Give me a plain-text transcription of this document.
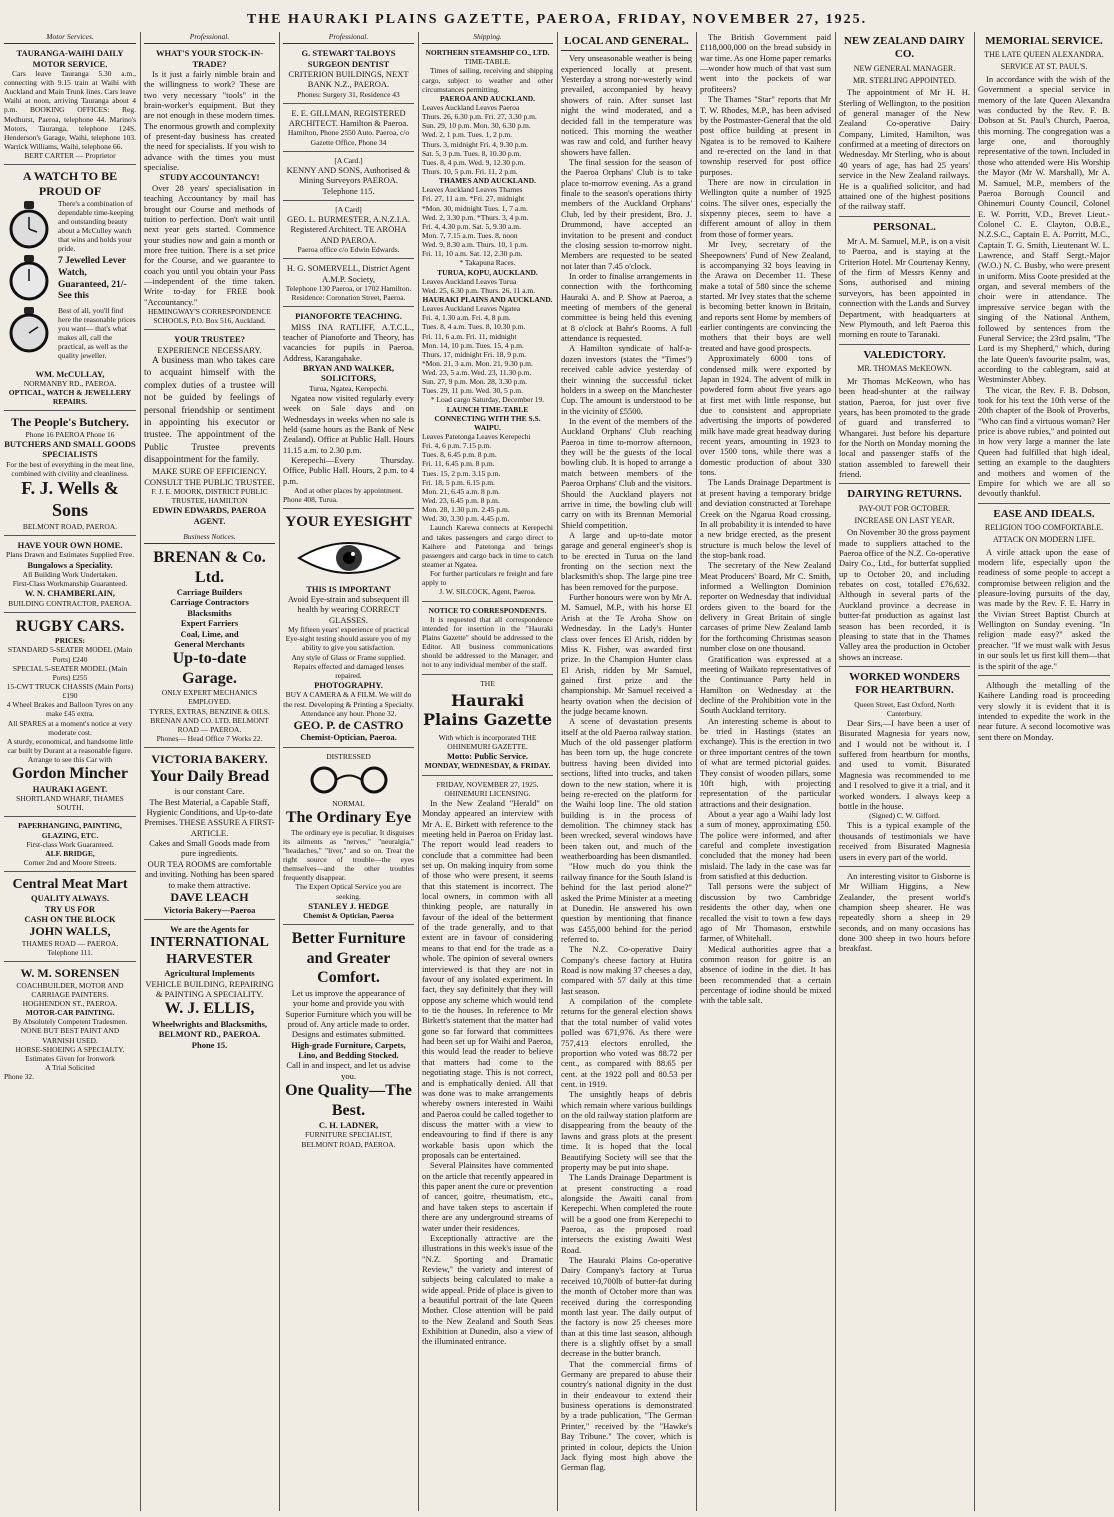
THE HAURAKI PLAINS GAZETTE, PAEROA, FRIDAY, NOVEMBER 27, 1925.
Motor Services.
TAURANGA-WAIHI DAILY MOTOR SERVICE.
Cars leave Tauranga 5.30 a.m., connecting with 9.15 train at Waihi with Auckland and Main Trunk lines. Cars leave Waihi at noon, arriving Tauranga about 4 p.m. BOOKING OFFICES: Reg. Medhurst, Paeroa, telephone 44. Marino's Motors, Tauranga, telephone 124S. Henderson's Garage, Waihi, telephone 103. Warrick Williams, Waihi, telephone 66.
BERT CARTER — Proprietor
A WATCH TO BE PROUD OF
There's a combination of dependable time-keeping and outstanding beauty about a McCulley watch that wins and holds your pride.
7 Jewelled Lever Watch, Guaranteed, 21/- See this
Best of all, you'll find here the reasonable prices you want— that's what makes all, call the practical, as well as the quality jeweller.
WM. McCULLAY,
NORMANBY RD., PAEROA.
OPTICAL, WATCH & JEWELLERY REPAIRS.
The People's Butchery.
Phone 16 PAEROA Phone 16
BUTCHERS AND SMALL GOODS SPECIALISTS
For the best of everything in the meat line, combined with civility and cleanliness.
F. J. Wells & Sons
BELMONT ROAD, PAEROA.
HAVE YOUR OWN HOME.
Plans Drawn and Estimates Supplied Free.
Bungalows a Speciality.
All Building Work Undertaken.
First-Class Workmanship Guaranteed.
W. N. CHAMBERLAIN,
BUILDING CONTRACTOR, PAEROA.
RUGBY CARS.
PRICES:
STANDARD 5-SEATER MODEL (Main Ports) £240
SPECIAL 5-SEATER MODEL (Main Ports) £255
15-CWT TRUCK CHASSIS (Main Ports) £190
4 Wheel Brakes and Balloon Tyres on any make £45 extra.
All SPARES at a moment's notice at very moderate cost.
A sturdy, economical, and handsome little car built by Durant at a reasonable figure.
Arrange to see this Car with
Gordon Mincher
HAURAKI AGENT.
SHORTLAND WHARF, THAMES SOUTH.
PAPERHANGING, PAINTING, GLAZING, ETC.
First-class Work Guaranteed.
ALF. BRIDGE,
Corner 2nd and Moore Streets.
Central Meat Mart
QUALITY ALWAYS.
TRY US FOR
CASH ON THE BLOCK
JOHN WALLS,
THAMES ROAD — PAEROA.
Telephone 111.
W. M. SORENSEN
COACHBUILDER, MOTOR AND CARRIAGE PAINTERS.
HOGHENDON ST., PAEROA.
MOTOR-CAR PAINTING.
By Absolutely Competent Tradesmen.
NONE BUT BEST PAINT AND VARNISH USED.
HORSE-SHOEING A SPECIALTY.
Estimates Given for Ironwork
A Trial Solicited
Phone 32.
Professional.
WHAT'S YOUR STOCK-IN-TRADE?
Is it just a fairly nimble brain and the willingness to work? These are two very necessary "tools" in the brain-worker's equipment. But they are not enough in these modern times. The enormous growth and complexity of present-day business has created the need for specialists. If you wish to advance with the times you must specialise.
STUDY ACCOUNTANCY!
Over 28 years' specialisation in teaching Accountancy by mail has brought our Course and methods of tuition to perfection. Don't wait until next year gets started. Commence your studies now and gain a month or more free tuition. There is a set price for the Course, and we guarantee to coach you until you obtain your Pass—independent of the time taken. Write to-day for FREE book "Accountancy."
HEMINGWAY'S CORRESPONDENCE SCHOOLS, P.O. Box 516, Auckland.
YOUR TRUSTEE?
EXPERIENCE NECESSARY.
A business man who takes care to acquaint himself with the complex duties of a trustee will not be guided by feelings of personal friendship or sentiment in appointing his executor or trustee. The appointment of the Public Trustee prevents disappointment for the family.
MAKE SURE OF EFFICIENCY.
CONSULT THE PUBLIC TRUSTEE.
F. J. E. MOORK, DISTRICT PUBLIC TRUSTEE, HAMILTON
EDWIN EDWARDS, PAEROA AGENT.
Business Notices.
BRENAN & Co. Ltd.
Carriage Builders
Carriage Contractors
Blacksmiths
Expert Farriers
Coal, Lime, and
General Merchants
Up-to-date Garage.
ONLY EXPERT MECHANICS EMPLOYED.
TYRES, EXTRAS, BENZINE & OILS.
BRENAN AND CO. LTD. BELMONT ROAD — PAEROA.
Phones— Head Office 7 Works 22.
VICTORIA BAKERY.
Your Daily Bread
is our constant Care.
The Best Material, a Capable Staff, Hygienic Conditions, and Up-to-date Premises. THESE ASSURE A FIRST-ARTICLE.
Cakes and Small Goods made from pure ingredients.
OUR TEA ROOMS are comfortable and inviting. Nothing has been spared to make them attractive.
DAVE LEACH
Victoria Bakery—Paeroa
We are the Agents for
INTERNATIONAL HARVESTER
Agricultural Implements
VEHICLE BUILDING, REPAIRING & PAINTING A SPECIALITY.
W. J. ELLIS,
Wheelwrights and Blacksmiths,
BELMONT RD., PAEROA.
Phone 15.
Professional.
G. STEWART TALBOYS SURGEON DENTIST
CRITERION BUILDINGS, NEXT BANK N.Z., PAEROA.
Phones: Surgery 31, Residence 43
E. E. GILLMAN, REGISTERED ARCHITECT. Hamilton & Paeroa.
Hamilton, Phone 2550 Auto. Paeroa, c/o Gazette Office, Phone 34
[A Card.]
KENNY AND SONS, Authorised & Mining Surveyors PAEROA. Telephone 115.
[A Card]
GEO. L. BURMESTER, A.N.Z.I.A. Registered Architect. TE AROHA AND PAEROA.
Paeroa office c/o Edwin Edwards.
H. G. SOMERVELL, District Agent A.M.P. Society,
Telephone 130 Paeroa, or 1702 Hamilton.
Residence: Coronation Street, Paeroa.
PIANOFORTE TEACHING.
MISS INA RATLIFF, A.T.C.L., teacher of Pianoforte and Theory, has vacancies for pupils in Paeroa. Address, Karangahake.
BRYAN AND WALKER, SOLICITORS,
Turua, Ngatea, Kerepechi.
Ngatea now visited regularly every week on Sale days and on Wednesdays in weeks when no sale is held (same hours as the Bank of New Zealand). Office at Public Hall. Hours 11.15 a.m. to 2.30 p.m.
Kerepechi—Every Thursday. Office, Public Hall. Hours, 2 p.m. to 4 p.m.
And at other places by appointment.
Phone 408, Turua.
YOUR EYESIGHT
THIS IS IMPORTANT
Avoid Eye-strain and subsequent ill health by wearing CORRECT GLASSES.
My fifteen years' experience of practical Eye-sight testing should assure you of my ability to give you satisfaction.
Any style of Glass or Frame supplied.
Repairs effected and damaged lenses repaired.
PHOTOGRAPHY.
BUY A CAMERA & A FILM. We will do the rest. Developing & Printing a Specialty. Attendance any hour. Phone 32.
GEO. P. de CASTRO
Chemist-Optician, Paeroa.
DISTRESSED
NORMAL
The Ordinary Eye
The ordinary eye is peculiar. It disguises its ailments as "nerves," "neuralgia," "headaches," "liver," and so on. Treat the right source of trouble—the eyes themselves—and the other troubles frequently disappear.
The Expert Optical Service you are seeking.
STANLEY J. HEDGE
Chemist & Optician, Paeroa
Better Furniture and Greater Comfort.
Let us improve the appearance of your home and provide you with Superior Furniture which you will be proud of. Any article made to order. Designs and estimates submitted.
High-grade Furniture, Carpets, Lino, and Bedding Stocked.
Call in and inspect, and let us advise you.
One Quality—The Best.
C. H. LADNER,
FURNITURE SPECIALIST,
BELMONT ROAD, PAEROA.
Shipping.
NORTHERN STEAMSHIP CO., LTD.
TIME-TABLE.
Times of sailing, receiving and shipping cargo, subject to weather and other circumstances permitting.
PAEROA AND AUCKLAND.
Leaves Auckland Leaves Paeroa
Thurs. 26, 6.30 p.m. Fri. 27, 3.30 p.m.
Sun. 29, 10 p.m. Mon. 30, 6.30 p.m.
Wed. 2, 1 p.m. Tues. 1, 2 p.m.
Thurs. 3, midnight Fri. 4, 9.30 p.m.
Sat. 5, 3 p.m. Tues. 8, 10.30 p.m.
Tues. 8, 4 p.m. Wed. 9, 12.30 p.m.
Thurs. 10, 5 p.m. Fri. 11, 2 p.m.
THAMES AND AUCKLAND.
Leaves Auckland Leaves Thames
Fri. 27, 11 a.m. *Fri. 27, midnight
*Mon. 30, midnight Tues. 1, 7 a.m.
Wed. 2, 3.30 p.m. *Thurs. 3, 4 p.m.
Fri. 4, 4.30 p.m. Sat. 5, 9.30 a.m.
Mon. 7, 7.15 a.m. Tues. 8, noon
Wed. 9, 8.30 a.m. Thurs. 10, 1 p.m.
Fri. 11, 10 a.m. Sat. 12, 2.30 p.m.
* Takapuna Races.
TURUA, KOPU, AUCKLAND.
Leaves Auckland Leaves Turua
Wed. 25, 6.30 p.m. Thurs. 26, 11 a.m.
HAURAKI PLAINS AND AUCKLAND.
Leaves Auckland Leaves Ngatea
Fri. 4, 1.30 a.m. Fri. 4, 8 p.m.
Tues. 8, 4 a.m. Tues. 8, 10.30 p.m.
Fri. 11, 6 a.m. Fri. 11, midnight
Mon. 14, 10 p.m. Tues. 15, 4 p.m.
Thurs. 17, midnight Fri. 18, 9 p.m.
*Mon. 21, 3 a.m. Mon. 21, 9.30 p.m.
Wed. 23, 5 a.m. Wed. 23, 11.30 p.m.
Sun. 27, 9 p.m. Mon. 28, 3.30 p.m.
Tues. 29, 11 p.m. Wed. 30, 5 p.m.
* Load cargo Saturday, December 19.
LAUNCH TIME-TABLE CONNECTING WITH THE S.S. WAIPU.
Leaves Patetonga Leaves Kerepechi
Fri. 4, 6 p.m. 7.15 p.m.
Tues. 8, 6.45 p.m. 8 p.m.
Fri. 11, 6.45 p.m. 8 p.m.
Tues. 15, 2 p.m. 3.15 p.m.
Fri. 18, 5 p.m. 6.15 p.m.
Mon. 21, 6.45 a.m. 8 p.m.
Wed. 23, 6.45 p.m. 8 p.m.
Mon. 28, 1.30 p.m. 2.45 p.m.
Wed. 30, 3.30 p.m. 4.45 p.m.
Launch Karewa connects at Kerepechi and takes passengers and cargo direct to Kaihere and Patetonga and brings passengers and cargo back in time to catch steamer at Ngatea.
For further particulars re freight and fare apply to
J. W. SILCOCK, Agent, Paeroa.
NOTICE TO CORRESPONDENTS.
It is requested that all correspondence intended for insertion in the "Hauraki Plains Gazette" should be addressed to the Editor. All business communications should be addressed to the Manager, and not to any individual member of the staff.
THE
Hauraki Plains Gazette
With which is incorporated THE OHINEMURI GAZETTE.
Motto: Public Service.
MONDAY, WEDNESDAY, & FRIDAY.
FRIDAY, NOVEMBER 27, 1925.
OHINEMURI LICENSING.
In the New Zealand "Herald" on Monday appeared an interview with Mr A. E. Birkett with reference to the meeting held in Paeroa on Friday last. The report would lead readers to conclude that a committee had been set up. On making inquiry from some of those who were present, it seems that this statement is incorrect. The local owners, in common with all thinking people, are naturally in favour of the ideal of the betterment of the trade generally, and to that extent are in favour of considering means to that end for the trade as a whole. The opinion of several owners interviewed is that they are not in favour of any isolated experiment. In fact, they say definitely that they will oppose any scheme which would tend to tie the houses. In reference to Mr Birkett's statement that the matter had gone so far forward that committees had been set up for Waihi and Paeroa, this would lead the reader to believe that matters had come to the negotiating stage. This is not correct, and is emphatically denied. All that was done was to make arrangements whereby owners interested in Waihi and Paeroa could be called together to discuss the matter with a view to endeavouring to find if there is any workable basis upon which the proposals can be entertained.
Several Plainsites have commented on the article that recently appeared in this paper anent the cure or prevention of cancer, goitre, rheumatism, etc., and have taken steps to ascertain if there are any underground streams of water under their residences.
Exceptionally attractive are the illustrations in this week's issue of the "N.Z. Sporting and Dramatic Review," the variety and interest of subjects being calculated to make a wide appeal. Pride of place is given to a beautiful portrait of the late Queen Mother. Close attention will be paid to the New Zealand and South Seas Exhibition at Dunedin, also a view of the illuminated entrance.
LOCAL AND GENERAL.
Very unseasonable weather is being experienced locally at present. Yesterday a strong nor-westerly wind prevailed, accompanied by heavy showers of rain. After sunset last night the wind moderated, and a decided fall in the temperature was noticed. This morning the weather was raw and cold, and further heavy showers have fallen.
The final session for the season of the Paeroa Orphans' Club is to take place to-morrow evening. As a grand finale to the season's operations thirty members of the Auckland Orphans' Club, led by their president, Bro. J. Drummond, have accepted an invitation to be present and conduct the closing session to-morrow night. Members are requested to be seated not later than 7.45 o'clock.
In order to finalise arrangements in connection with the forthcoming Hauraki A. and P. Show at Paeroa, a meeting of members of the general committee is being held this evening at 8 o'clock at Bahr's Rooms. A full attendance is requested.
A Hamilton syndicate of half-a-dozen investors (states the "Times") received cable advice yesterday of their winning the successful ticket holders in a sweep on the Manchester Cup. The amount is understood to be in the vicinity of £5500.
In the event of the members of the Auckland Orphans' Club reaching Paeroa in time to-morrow afternoon, they will be the guests of the local bowling club. It is hoped to arrange a match between members of the Paeroa Orphans' Club and the visitors. Should the Auckland players not arrive in time, the bowling club will carry on with its Brennan Memorial Shield competition.
A large and up-to-date motor garage and general engineer's shop is to be erected in Turua on the land fronting on the section next the blacksmith's shop. The large pine tree has been removed for the purpose.
Further honours were won by Mr A. M. Samuel, M.P., with his horse El Arish at the Te Aroha Show on Wednesday. In the Lady's Hunter class over fences El Arish, ridden by Miss K. Fisher, was awarded first prize. In the Champion Hunter class El Arish, ridden by Mr Samuel, gained first prize and the championship. Mr Samuel received a hearty ovation when the decision of the judge became known.
A scene of devastation presents itself at the old Paeroa railway station. Much of the old passenger platform has been torn up, the huge concrete buttress having been divided into sections, lifted into trucks, and taken down to the new station, where it is being re-erected on the platform for the Waihi loop line. The old station building is in the process of demolition. The chimney stack has been wrecked, several windows have been taken out, and much of the weatherboarding has been dismantled.
"How much do you think the railway finance for the South Island is behind for the last period alone?" asked the Prime Minister at a meeting at Dunedin. He answered his own question by mentioning that finance was £455,000 behind for the period referred to.
The N.Z. Co-operative Dairy Company's cheese factory at Hutira Road is now making 37 cheeses a day, compared with 57 daily at this time last season.
A compilation of the complete returns for the general election shows that the total number of valid votes polled was 671,976. As there were 757,413 electors enrolled, the proportion who voted was 88.72 per cent., as compared with 88.65 per cent. at the 1922 poll and 80.53 per cent. in 1919.
The unsightly heaps of debris which remain where various buildings on the old railway station platform are disappearing from the beauty of the lawns and grass plots at the present time. It is hoped that the local Beautifying Society will see that the property may be put into shape.
The Lands Drainage Department is at present constructing a road alongside the Awaiti canal from Kerepechi. When completed the route will be a good one from Kerepechi to Paeroa, as the proposed road intersects the existing Awaiti West Road.
The Hauraki Plains Co-operative Dairy Company's factory at Turua received 10,700lb of butter-fat during the month of October more than was received during the corresponding month last year. The daily output of the factory is now 25 cheeses more than at this time last season, although there is a slightly offset by a small decrease in the butter branch.
That the commercial firms of Germany are prepared to abuse their country's national dignity in the dust in their endeavour to extend their business operations is demonstrated by a trade publication, "The German Printer," received by the "Hawke's Bay Tribune." The cover, which is printed in colour, depicts the Union Jack flying most high above the German flag.
The British Government paid £118,000,000 on the bread subsidy in war time. As one Home paper remarks—wonder how much of that vast sum went into the pockets of war profiteers?
The Thames "Star" reports that Mr T. W. Rhodes, M.P., has been advised by the Postmaster-General that the old post office building at present in Ngatea is to be removed to Kaihere and re-erected on the land in that township reserved for post office purposes.
There are now in circulation in Wellington quite a number of 1925 coins. The silver ones, especially the sixpenny pieces, seem to have a different amount of alloy in them from those of former years.
Mr Ivey, secretary of the Sheepowners' Fund of New Zealand, is accompanying 32 boys leaving in the Arawa on December 11. These make a total of 580 since the scheme started. Mr Ivey states that the scheme is becoming better known in Britain, and reports sent Home by members of earlier contingents are convincing the mothers that their boys are well treated and have good prospects.
Approximately 6000 tons of condensed milk were exported by Japan in 1924. The advent of milk in powdered form about five years ago at first met with little response, but due to consistent and appropriate advertising the imports of powdered milk have made great headway during recent years, amounting in 1923 to over 1500 tons, while there was a domestic production of about 330 tons.
The Lands Drainage Department is at present having a temporary bridge and deviation constructed at Torehape Creek on the Ngarua Road crossing. In all probability it is intended to have a new bridge erected, as the present structure is much below the level of the stop-bank road.
The secretary of the New Zealand Meat Producers' Board, Mr C. Smith, informed a Wellington Dominion reporter on Wednesday that individual orders given to the board for the delivery in Great Britain of single carcases of prime New Zealand lamb for the forthcoming Christmas season number close on one thousand.
Gratification was expressed at a meeting of Waikato representatives of the Continuance Party held in Hamilton on Wednesday at the decline of the Prohibition vote in the South Auckland territory.
An interesting scheme is about to be tried in Hastings (states an exchange). This is the erection in two or three important centres of the town of what are termed pictorial guides. They consist of wooden pillars, some 10ft high, with projecting representation of the particular attractions and their designation.
About a year ago a Waihi lady lost a sum of money, approximating £50. The police were informed, and after careful and complete investigation concluded that the money had been mislaid. The lady in the case was far from satisfied at this deduction.
Tall persons were the subject of discussion by two Cambridge residents the other day, when one recalled the visit to town a few days ago of Mr Thomason, erstwhile farmer, of Whitehall.
Medical authorities agree that a common reason for goitre is an absence of iodine in the diet. It has been recommended that a certain percentage of iodine should be mixed with the table salt.
NEW ZEALAND DAIRY CO.
NEW GENERAL MANAGER.
MR. STERLING APPOINTED.
The appointment of Mr H. H. Sterling of Wellington, to the position of general manager of the New Zealand Co-operative Dairy Company, Limited, Hamilton, was confirmed at a meeting of directors on Wednesday. Mr Sterling, who is about 40 years of age, has had 25 years' service in the New Zealand railways. He is a qualified solicitor, and had attained one of the highest positions of the railway staff.
PERSONAL.
Mr A. M. Samuel, M.P., is on a visit to Paeroa, and is staying at the Criterion Hotel. Mr Courtenay Kenny, of the firm of Messrs Kenny and Sons, authorised and mining surveyors, has been appointed in connection with the Lands and Survey Department, with headquarters at New Plymouth, and left Paeroa this morning en route to Taranaki.
VALEDICTORY.
MR. THOMAS McKEOWN.
Mr Thomas McKeown, who has been head-shunter at the railway station, Paeroa, for just over five years, has been promoted to the grade of guard and transferred to Whangarei. Just before his departure for the North on Monday morning the local and passenger staffs of the station assembled to farewell their friend.
DAIRYING RETURNS.
PAY-OUT FOR OCTOBER.
INCREASE ON LAST YEAR.
On November 30 the gross payment made to suppliers attached to the Paeroa office of the N.Z. Co-operative Dairy Co., Ltd., for butterfat supplied up to October 20, and including rebates on cost, totalled £76,632. Although in several parts of the Auckland province a decrease in butter-fat production as against last season has been recorded, it is pleasing to state that in the Thames Valley area the production in October shows an increase.
WORKED WONDERS FOR HEARTBURN.
Queen Street, East Oxford, North Canterbury.
Dear Sirs,—I have been a user of Bisurated Magnesia for years now, and I would not be without it. I suffered from heartburn for months, and used to vomit. Bisurated Magnesia was recommended to me and I resolved to give it a trial, and it worked wonders. I always keep a bottle in the house.
(Signed) C. W. Gifford.
This is a typical example of the thousands of testimonials we have received from Bisurated Magnesia users in every part of the world.
An interesting visitor to Gisborne is Mr William Higgins, a New Zealander, the present world's champion sheep shearer. He was repeatedly shorn a sheep in 29 seconds, and on many occasions has done 300 sheep in two hours before breakfast.
MEMORIAL SERVICE.
THE LATE QUEEN ALEXANDRA.
SERVICE AT ST. PAUL'S.
In accordance with the wish of the Government a special service in memory of the late Queen Alexandra was conducted by the Rev. F. B. Dobson at St. Paul's Church, Paeroa, this morning. The congregation was a large one, and thoroughly representative of the town. Included in those who attended were His Worship the Mayor (Mr W. Marshall), Mr A. M. Samuel, M.P., members of the Paeroa Borough Council and Ohinemuri County Council, Colonel E. W. Porritt, V.D., Brevet Lieut.-Colonel C. E. Clayton, O.B.E., N.Z.S.C., Captain E. A. Porritt, M.C., Captain T. G. Smith, Lieutenant W. L. Lawrence, and Staff Sergt.-Major (W.O.) N. C. Busby, who were present in uniform. Miss Coote presided at the organ, and several members of the choir were in attendance. The impressive service began with the singing of the National Anthem, followed by sentences from the Funeral Service; the 23rd psalm, "The Lord is my Shepherd," which, during the late Queen's favourite psalm, was, according to the cablegram, said at Westminster Abbey.
The vicar, the Rev. F. B. Dobson, took for his text the 10th verse of the 20th chapter of the Book of Proverbs, "Who can find a virtuous woman? Her price is above rubies," and pointed out in how very large a manner the late Queen had fulfilled that high ideal, setting an example to the daughters and mothers and women of the Empire for which we are all so devoutly thankful.
EASE AND IDEALS.
RELIGION TOO COMFORTABLE.
ATTACK ON MODERN LIFE.
A virile attack upon the ease of modern life, especially upon the readiness of some people to accept a compromise between religion and the pleasure-loving pursuits of the day, was made by the Rev. F. E. Harry in the Vivian Street Baptist Church at Wellington on Sunday evening. "In religion made easy?" asked the preacher. "If we must walk with Jesus in our souls let us first kill them—that is the spirit of the age."
Although the metalling of the Kaihere Landing road is proceeding very slowly it is evident that it is intended to expedite the work in the near future. A second locomotive was sent there on Monday.
